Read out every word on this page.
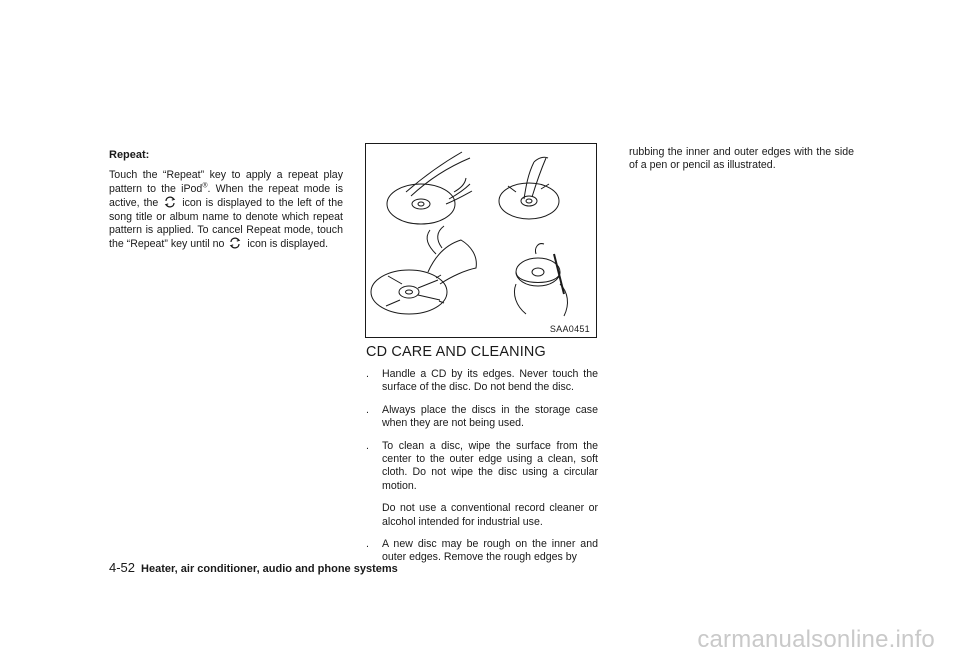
Repeat:

Touch the “Repeat” key to apply a repeat play pattern to the iPod®. When the repeat mode is active, the icon is displayed to the left of the song title or album name to denote which repeat pattern is applied. To cancel Repeat mode, touch the “Repeat” key until no icon is displayed.

SAA0451
CD CARE AND CLEANING
. Handle a CD by its edges. Never touch the surface of the disc. Do not bend the disc.

. Always place the discs in the storage case when they are not being used.

. To clean a disc, wipe the surface from the center to the outer edge using a clean, soft cloth. Do not wipe the disc using a circular motion.

Do not use a conventional record cleaner or alcohol intended for industrial use.

. A new disc may be rough on the inner and outer edges. Remove the rough edges by

rubbing the inner and outer edges with the side of a pen or pencil as illustrated.

4-52 Heater, air conditioner, audio and phone systems
carmanualsonline.info
